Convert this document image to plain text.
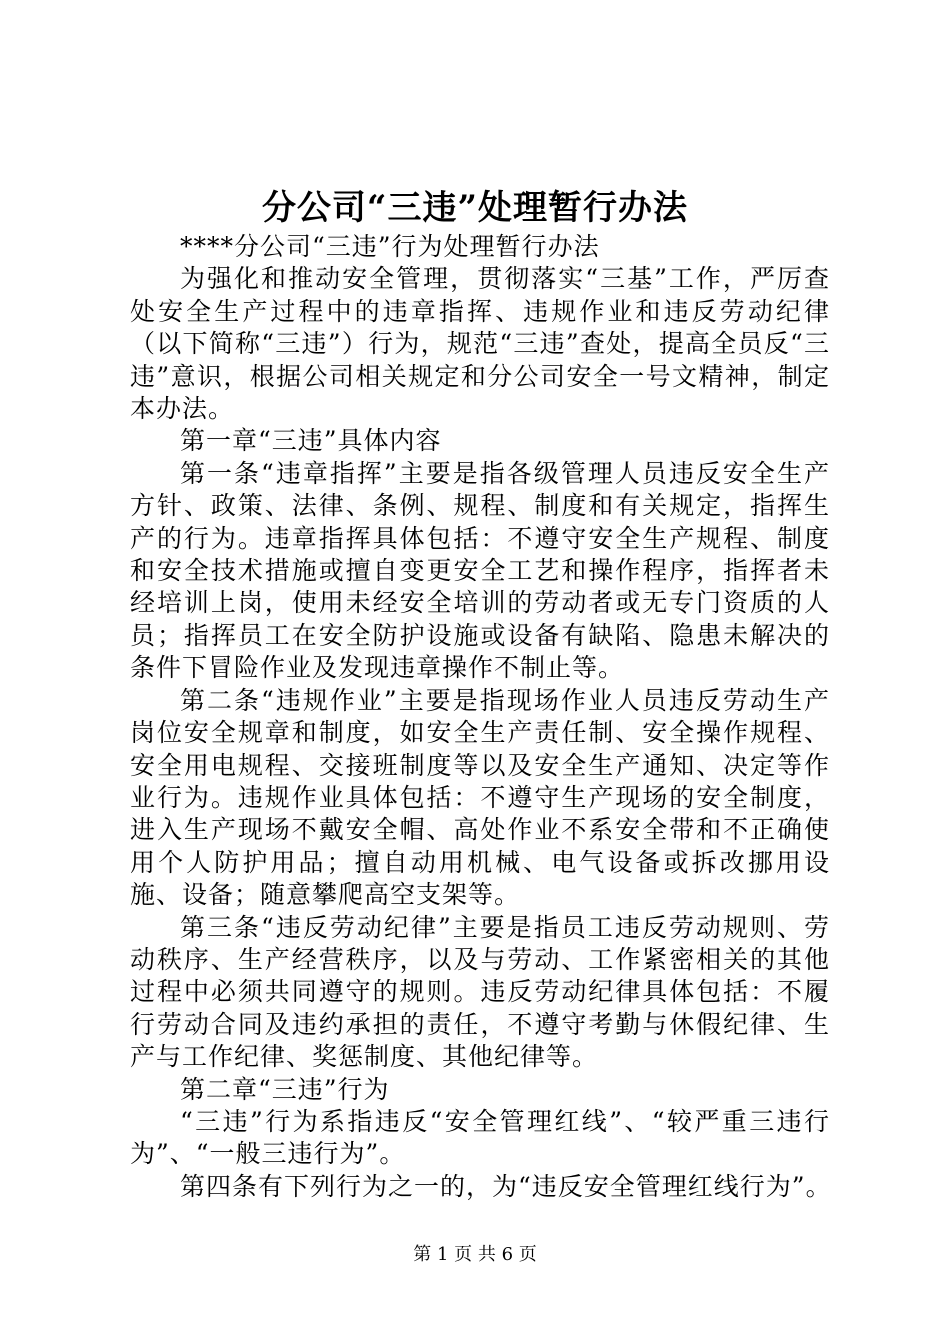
分公司“三违”处理暂行办法

****分公司“三违”行为处理暂行办法

为强化和推动安全管理，贯彻落实“三基”工作，严厉查处安全生产过程中的违章指挥、违规作业和违反劳动纪律（以下简称“三违”）行为，规范“三违”查处，提高全员反“三违”意识，根据公司相关规定和分公司安全一号文精神，制定本办法。

第一章“三违”具体内容

第一条“违章指挥”主要是指各级管理人员违反安全生产方针、政策、法律、条例、规程、制度和有关规定，指挥生产的行为。违章指挥具体包括：不遵守安全生产规程、制度和安全技术措施或擅自变更安全工艺和操作程序，指挥者未经培训上岗，使用未经安全培训的劳动者或无专门资质的人员；指挥员工在安全防护设施或设备有缺陷、隐患未解决的条件下冒险作业及发现违章操作不制止等。

第二条“违规作业”主要是指现场作业人员违反劳动生产岗位安全规章和制度，如安全生产责任制、安全操作规程、安全用电规程、交接班制度等以及安全生产通知、决定等作业行为。违规作业具体包括：不遵守生产现场的安全制度，进入生产现场不戴安全帽、高处作业不系安全带和不正确使用个人防护用品；擅自动用机械、电气设备或拆改挪用设施、设备；随意攀爬高空支架等。

第三条“违反劳动纪律”主要是指员工违反劳动规则、劳动秩序、生产经营秩序，以及与劳动、工作紧密相关的其他过程中必须共同遵守的规则。违反劳动纪律具体包括：不履行劳动合同及违约承担的责任，不遵守考勤与休假纪律、生产与工作纪律、奖惩制度、其他纪律等。

第二章“三违”行为

“三违”行为系指违反“安全管理红线”、“较严重三违行为”、“一般三违行为”。

第四条有下列行为之一的，为“违反安全管理红线行为”。

第 1 页 共 6 页
